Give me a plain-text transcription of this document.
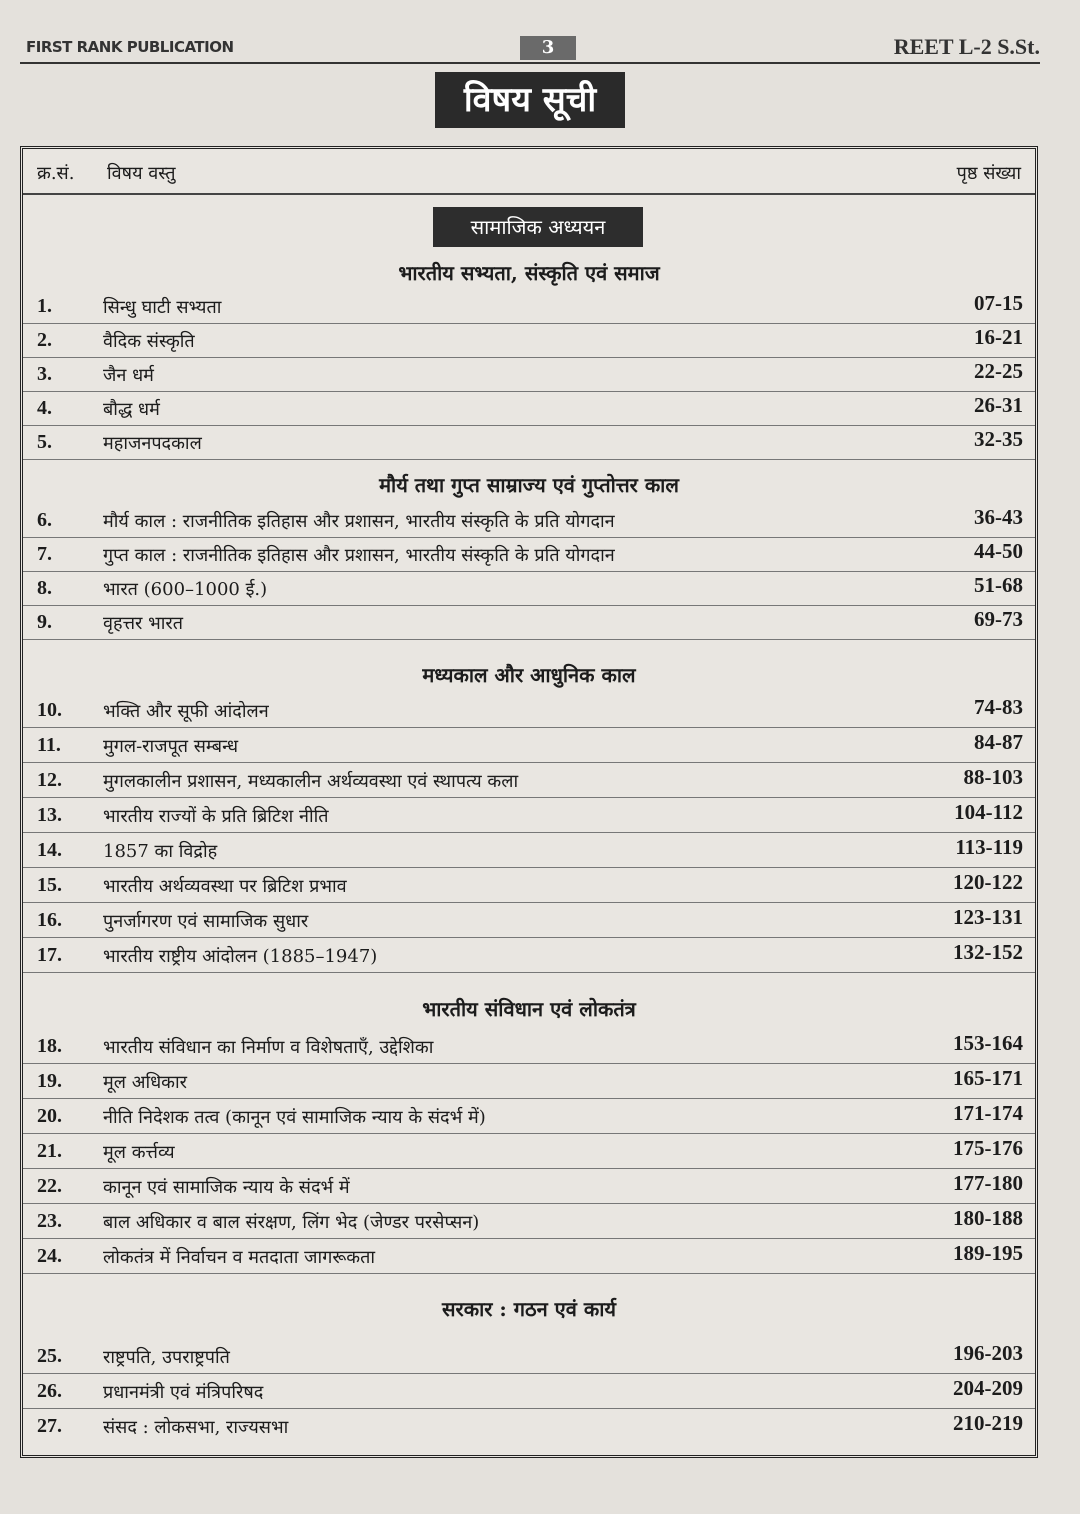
FIRST RANK PUBLICATION	3	REET L-2 S.St.
विषय सूची
क्र.सं. विषय वस्तु	पृष्ठ संख्या
सामाजिक अध्ययन
भारतीय सभ्यता, संस्कृति एवं समाज
1.	सिन्धु घाटी सभ्यता	07-15
2.	वैदिक संस्कृति	16-21
3.	जैन धर्म	22-25
4.	बौद्ध धर्म	26-31
5.	महाजनपदकाल	32-35
मौर्य तथा गुप्त साम्राज्य एवं गुप्तोत्तर काल
6.	मौर्य काल : राजनीतिक इतिहास और प्रशासन, भारतीय संस्कृति के प्रति योगदान	36-43
7.	गुप्त काल : राजनीतिक इतिहास और प्रशासन, भारतीय संस्कृति के प्रति योगदान	44-50
8.	भारत (600–1000 ई.)	51-68
9.	वृहत्तर भारत	69-73
मध्यकाल और आधुनिक काल
10. भक्ति और सूफी आंदोलन	74-83
11. मुगल-राजपूत सम्बन्ध	84-87
12. मुगलकालीन प्रशासन, मध्यकालीन अर्थव्यवस्था एवं स्थापत्य कला	88-103
13. भारतीय राज्यों के प्रति ब्रिटिश नीति	104-112
14. 1857 का विद्रोह	113-119
15. भारतीय अर्थव्यवस्था पर ब्रिटिश प्रभाव	120-122
16. पुनर्जागरण एवं सामाजिक सुधार	123-131
17. भारतीय राष्ट्रीय आंदोलन (1885–1947)	132-152
भारतीय संविधान एवं लोकतंत्र
18. भारतीय संविधान का निर्माण व विशेषताएँ, उद्देशिका	153-164
19. मूल अधिकार	165-171
20. नीति निदेशक तत्व (कानून एवं सामाजिक न्याय के संदर्भ में)	171-174
21. मूल कर्त्तव्य	175-176
22. कानून एवं सामाजिक न्याय के संदर्भ में	177-180
23. बाल अधिकार व बाल संरक्षण, लिंग भेद (जेण्डर परसेप्सन)	180-188
24. लोकतंत्र में निर्वाचन व मतदाता जागरूकता	189-195
सरकार : गठन एवं कार्य
25. राष्ट्रपति, उपराष्ट्रपति	196-203
26. प्रधानमंत्री एवं मंत्रिपरिषद	204-209
27. संसद : लोकसभा, राज्यसभा	210-219
